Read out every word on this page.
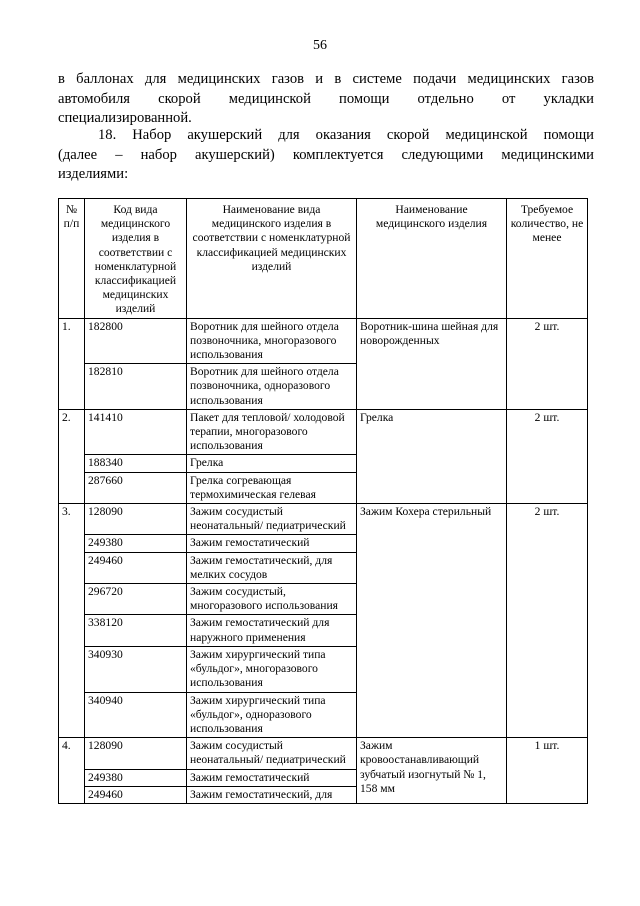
56
в баллонах для медицинских газов и в системе подачи медицинских газов
автомобиля скорой медицинской помощи отдельно от укладки
специализированной.
18. Набор акушерский для оказания скорой медицинской помощи
(далее – набор акушерский) комплектуется следующими медицинскими
изделиями:
№ п/п	Код вида медицинского изделия в соответствии с номенклатурной классификацией медицинских изделий	Наименование вида медицинского изделия в соответствии с номенклатурной классификацией медицинских изделий	Наименование медицинского изделия	Требуемое количество, не менее
1.	182800	Воротник для шейного отдела позвоночника, многоразового использования	Воротник-шина шейная для новорожденных	2 шт.
	182810	Воротник для шейного отдела позвоночника, одноразового использования		
2.	141410	Пакет для тепловой/ холодовой терапии, многоразового использования	Грелка	2 шт.
	188340	Грелка		
	287660	Грелка согревающая термохимическая гелевая		
3.	128090	Зажим сосудистый неонатальный/ педиатрический	Зажим Кохера стерильный	2 шт.
	249380	Зажим гемостатический		
	249460	Зажим гемостатический, для мелких сосудов		
	296720	Зажим сосудистый, многоразового использования		
	338120	Зажим гемостатический для наружного применения		
	340930	Зажим хирургический типа «бульдог», многоразового использования		
	340940	Зажим хирургический типа «бульдог», одноразового использования		
4.	128090	Зажим сосудистый неонатальный/ педиатрический	Зажим кровоостанавливающий зубчатый изогнутый № 1, 158 мм	1 шт.
	249380	Зажим гемостатический		
	249460	Зажим гемостатический, для		
